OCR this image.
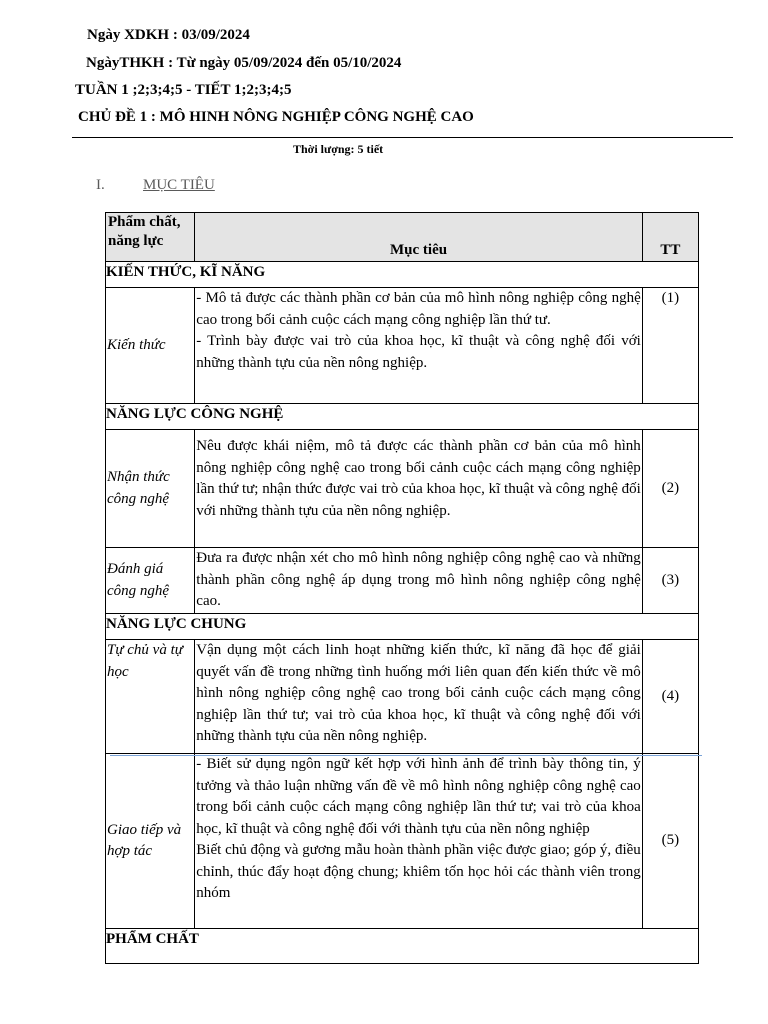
Ngày XDKH : 03/09/2024
NgàyTHKH : Từ ngày 05/09/2024 đến 05/10/2024
TUẦN 1 ;2;3;4;5 - TIẾT 1;2;3;4;5
CHỦ ĐỀ 1 : MÔ HINH NÔNG NGHIỆP CÔNG NGHỆ CAO
Thời lượng: 5 tiết
I.	MỤC TIÊU
Phẩm chất, năng lực	Mục tiêu	TT
KIẾN THỨC, KĨ NĂNG		
Kiến thức	- Mô tả được các thành phần cơ bản của mô hình nông nghiệp công nghệ cao trong bối cảnh cuộc cách mạng công nghiệp lần thứ tư.

- Trình bày được vai trò của khoa học, kĩ thuật và công nghệ đối với những thành tựu của nền nông nghiệp.	(1)
NĂNG LỰC CÔNG NGHỆ		
Nhận thức công nghệ	Nêu được khái niệm, mô tả được các thành phần cơ bản của mô hình nông nghiệp công nghệ cao trong bối cảnh cuộc cách mạng công nghiệp lần thứ tư; nhận thức được vai trò của khoa học, kĩ thuật và công nghệ đối với những thành tựu của nền nông nghiệp.	(2)
Đánh giá công nghệ	Đưa ra được nhận xét cho mô hình nông nghiệp công nghệ cao và những thành phần công nghệ áp dụng trong mô hình nông nghiệp công nghệ cao.	(3)
NĂNG LỰC CHUNG		
Tự chủ và tự học	Vận dụng một cách linh hoạt những kiến thức, kĩ năng đã học để giải quyết vấn đề trong những tình huống mới liên quan đến kiến thức về mô hình nông nghiệp công nghệ cao trong bối cảnh cuộc cách mạng công nghiệp lần thứ tư; vai trò của khoa học, kĩ thuật và công nghệ đối với những thành tựu của nền nông nghiệp.	(4)
Giao tiếp và hợp tác	- Biết sử dụng ngôn ngữ kết hợp với hình ảnh để trình bày thông tin, ý tưởng và thảo luận những vấn đề về mô hình nông nghiệp công nghệ cao trong bối cảnh cuộc cách mạng công nghiệp lần thứ tư; vai trò của khoa học, kĩ thuật và công nghệ đối với thành tựu của nền nông nghiệp

Biết chủ động và gương mẫu hoàn thành phần việc được giao; góp ý, điều chỉnh, thúc đẩy hoạt động chung; khiêm tốn học hỏi các thành viên trong nhóm	(5)
PHẨM CHẤT		
